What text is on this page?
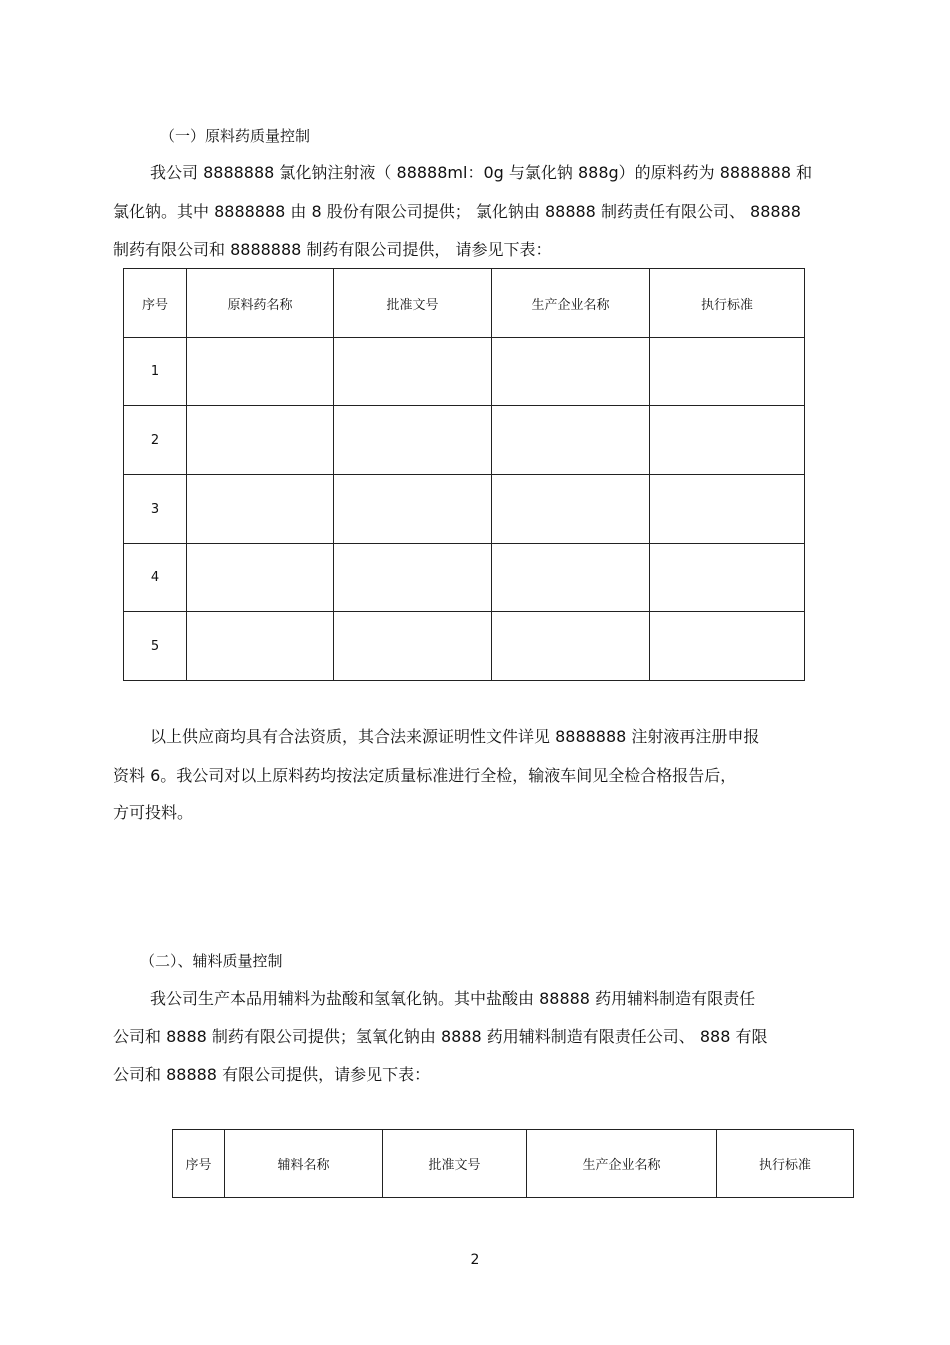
（一）原料药质量控制
我公司 8888888 氯化钠注射液（ 88888ml：0g 与氯化钠 888g）的原料药为 8888888 和
氯化钠。其中 8888888 由 8 股份有限公司提供； 氯化钠由 88888 制药责任有限公司、 88888
制药有限公司和 8888888 制药有限公司提供， 请参见下表：
序号	原料药名称	批准文号	生产企业名称	执行标准
1				
2				
3				
4				
5				
以上供应商均具有合法资质，其合法来源证明性文件详见 8888888 注射液再注册申报
资料 6。我公司对以上原料药均按法定质量标准进行全检，输液车间见全检合格报告后，
方可投料。
（二）、辅料质量控制
我公司生产本品用辅料为盐酸和氢氧化钠。其中盐酸由 88888 药用辅料制造有限责任
公司和 8888 制药有限公司提供；氢氧化钠由 8888 药用辅料制造有限责任公司、 888 有限
公司和 88888 有限公司提供，请参见下表：
序号	辅料名称	批准文号	生产企业名称	执行标准
2
